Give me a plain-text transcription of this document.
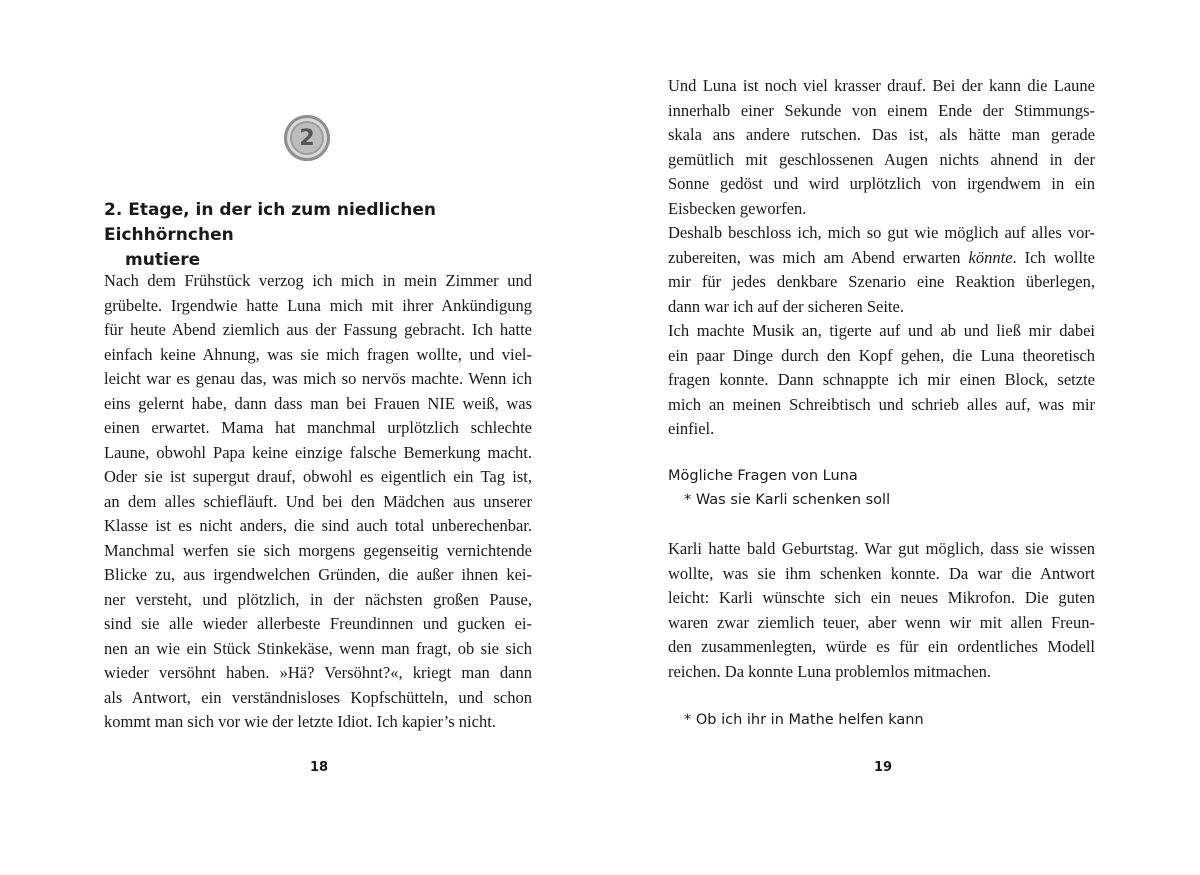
2
2. Etage, in der ich zum niedlichen Eichhörnchen
mutiere
Nach dem Frühstück verzog ich mich in mein Zimmer und
grübelte. Irgendwie hatte Luna mich mit ihrer Ankündigung
für heute Abend ziemlich aus der Fassung gebracht. Ich hatte
einfach keine Ahnung, was sie mich fragen wollte, und viel-
leicht war es genau das, was mich so nervös machte. Wenn ich
eins gelernt habe, dann dass man bei Frauen NIE weiß, was
einen erwartet. Mama hat manchmal urplötzlich schlechte
Laune, obwohl Papa keine einzige falsche Bemerkung macht.
Oder sie ist supergut drauf, obwohl es eigentlich ein Tag ist,
an dem alles schiefläuft. Und bei den Mädchen aus unserer
Klasse ist es nicht anders, die sind auch total unberechenbar.
Manchmal werfen sie sich morgens gegenseitig vernichtende
Blicke zu, aus irgendwelchen Gründen, die außer ihnen kei-
ner versteht, und plötzlich, in der nächsten großen Pause,
sind sie alle wieder allerbeste Freundinnen und gucken ei-
nen an wie ein Stück Stinkekäse, wenn man fragt, ob sie sich
wieder versöhnt haben. »Hä? Versöhnt?«, kriegt man dann
als Antwort, ein verständnisloses Kopfschütteln, und schon
kommt man sich vor wie der letzte Idiot. Ich kapier’s nicht.
18
Und Luna ist noch viel krasser drauf. Bei der kann die Laune
innerhalb einer Sekunde von einem Ende der Stimmungs-
skala ans andere rutschen. Das ist, als hätte man gerade
gemütlich mit geschlossenen Augen nichts ahnend in der
Sonne gedöst und wird urplötzlich von irgendwem in ein
Eisbecken geworfen.
Deshalb beschloss ich, mich so gut wie möglich auf alles vor-
zubereiten, was mich am Abend erwarten könnte. Ich wollte
mir für jedes denkbare Szenario eine Reaktion überlegen,
dann war ich auf der sicheren Seite.
Ich machte Musik an, tigerte auf und ab und ließ mir dabei
ein paar Dinge durch den Kopf gehen, die Luna theoretisch
fragen konnte. Dann schnappte ich mir einen Block, setzte
mich an meinen Schreibtisch und schrieb alles auf, was mir
einfiel.

Mögliche Fragen von Luna

* Was sie Karli schenken soll

Karli hatte bald Geburtstag. War gut möglich, dass sie wissen
wollte, was sie ihm schenken konnte. Da war die Antwort
leicht: Karli wünschte sich ein neues Mikrofon. Die guten
waren zwar ziemlich teuer, aber wenn wir mit allen Freun-
den zusammenlegten, würde es für ein ordentliches Modell
reichen. Da konnte Luna problemlos mitmachen.

* Ob ich ihr in Mathe helfen kann

19
